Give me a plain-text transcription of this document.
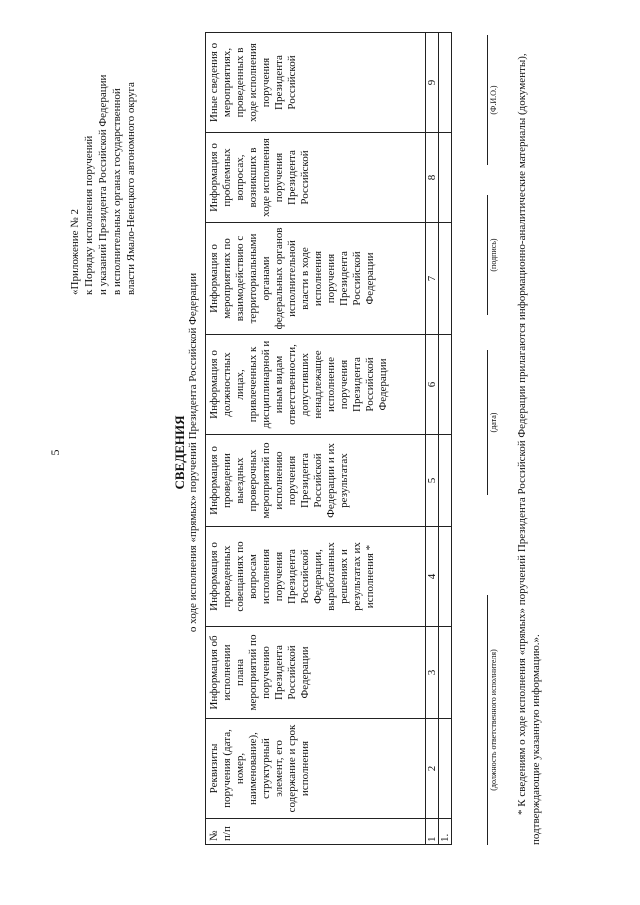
5
«Приложение № 2 к Порядку исполнения поручений и указаний Президента Российской Федерации в исполнительных органах государственной власти Ямало-Ненецкого автономного округа
СВЕДЕНИЯ о ходе исполнения «прямых» поручений Президента Российской Федерации
№ п/п	Реквизиты поручения (дата, номер, наименование), структурный элемент, его содержание и срок исполнения	Информация об исполнении плана мероприятий по поручению Президента Российской Федерации	Информация о проведенных совещаниях по вопросам исполнения поручения Президента Российской Федерации, выработанных решениях и результатах их исполнения *	Информация о проведении выездных проверочных мероприятий по исполнению поручения Президента Российской Федерации и их результатах	Информация о должностных лицах, привлеченных к дисциплинарной и иным видам ответственности, допустивших ненадлежащее исполнение поручения Президента Российской Федерации	Информация о мероприятиях по взаимодействию с территориальными органами федеральных органов исполнительной власти в ходе исполнения поручения Президента Российской Федерации	Информация о проблемных вопросах, возникших в ходе исполнения поручения Президента Российской	Иные сведения о мероприятиях, проведенных в ходе исполнения поручения Президента Российской
1	2	3	4	5	6	7	8	9
1.								
(должность ответственного исполнителя)
(дата)
(подпись)
(Ф.И.О.) * К сведениям о ходе исполнения «прямых» поручений Президента Российской Федерации прилагаются информационно-аналитические материалы (документы), подтверждающие указанную информацию.».
